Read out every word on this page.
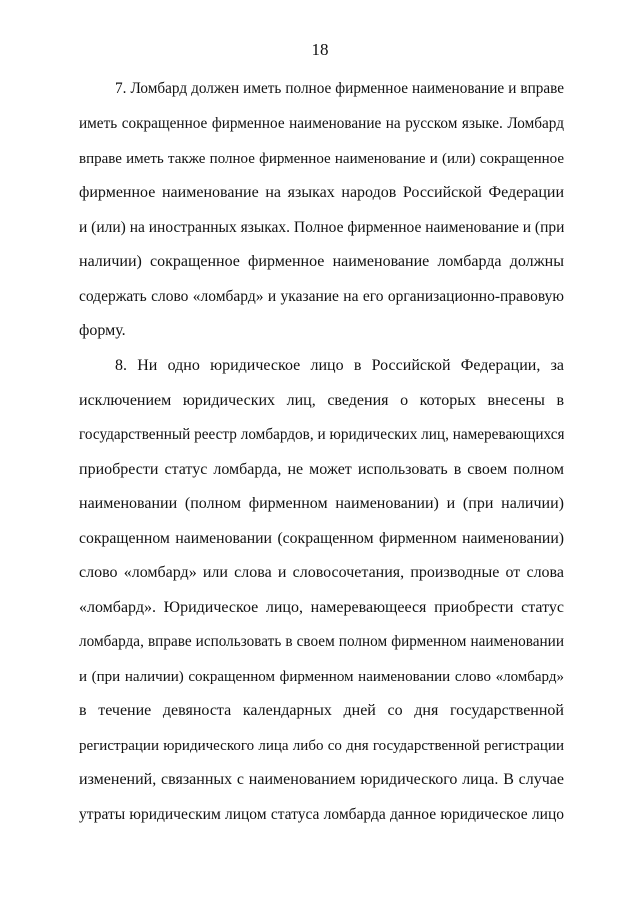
18
7. Ломбард должен иметь полное фирменное наименование и вправе
иметь сокращенное фирменное наименование на русском языке. Ломбард
вправе иметь также полное фирменное наименование и (или) сокращенное
фирменное наименование на языках народов Российской Федерации
и (или) на иностранных языках. Полное фирменное наименование и (при
наличии) сокращенное фирменное наименование ломбарда должны
содержать слово «ломбард» и указание на его организационно-правовую
форму.
8. Ни одно юридическое лицо в Российской Федерации, за
исключением юридических лиц, сведения о которых внесены в
государственный реестр ломбардов, и юридических лиц, намеревающихся
приобрести статус ломбарда, не может использовать в своем полном
наименовании (полном фирменном наименовании) и (при наличии)
сокращенном наименовании (сокращенном фирменном наименовании)
слово «ломбард» или слова и словосочетания, производные от слова
«ломбард». Юридическое лицо, намеревающееся приобрести статус
ломбарда, вправе использовать в своем полном фирменном наименовании
и (при наличии) сокращенном фирменном наименовании слово «ломбард»
в течение девяноста календарных дней со дня государственной
регистрации юридического лица либо со дня государственной регистрации
изменений, связанных с наименованием юридического лица. В случае
утраты юридическим лицом статуса ломбарда данное юридическое лицо
